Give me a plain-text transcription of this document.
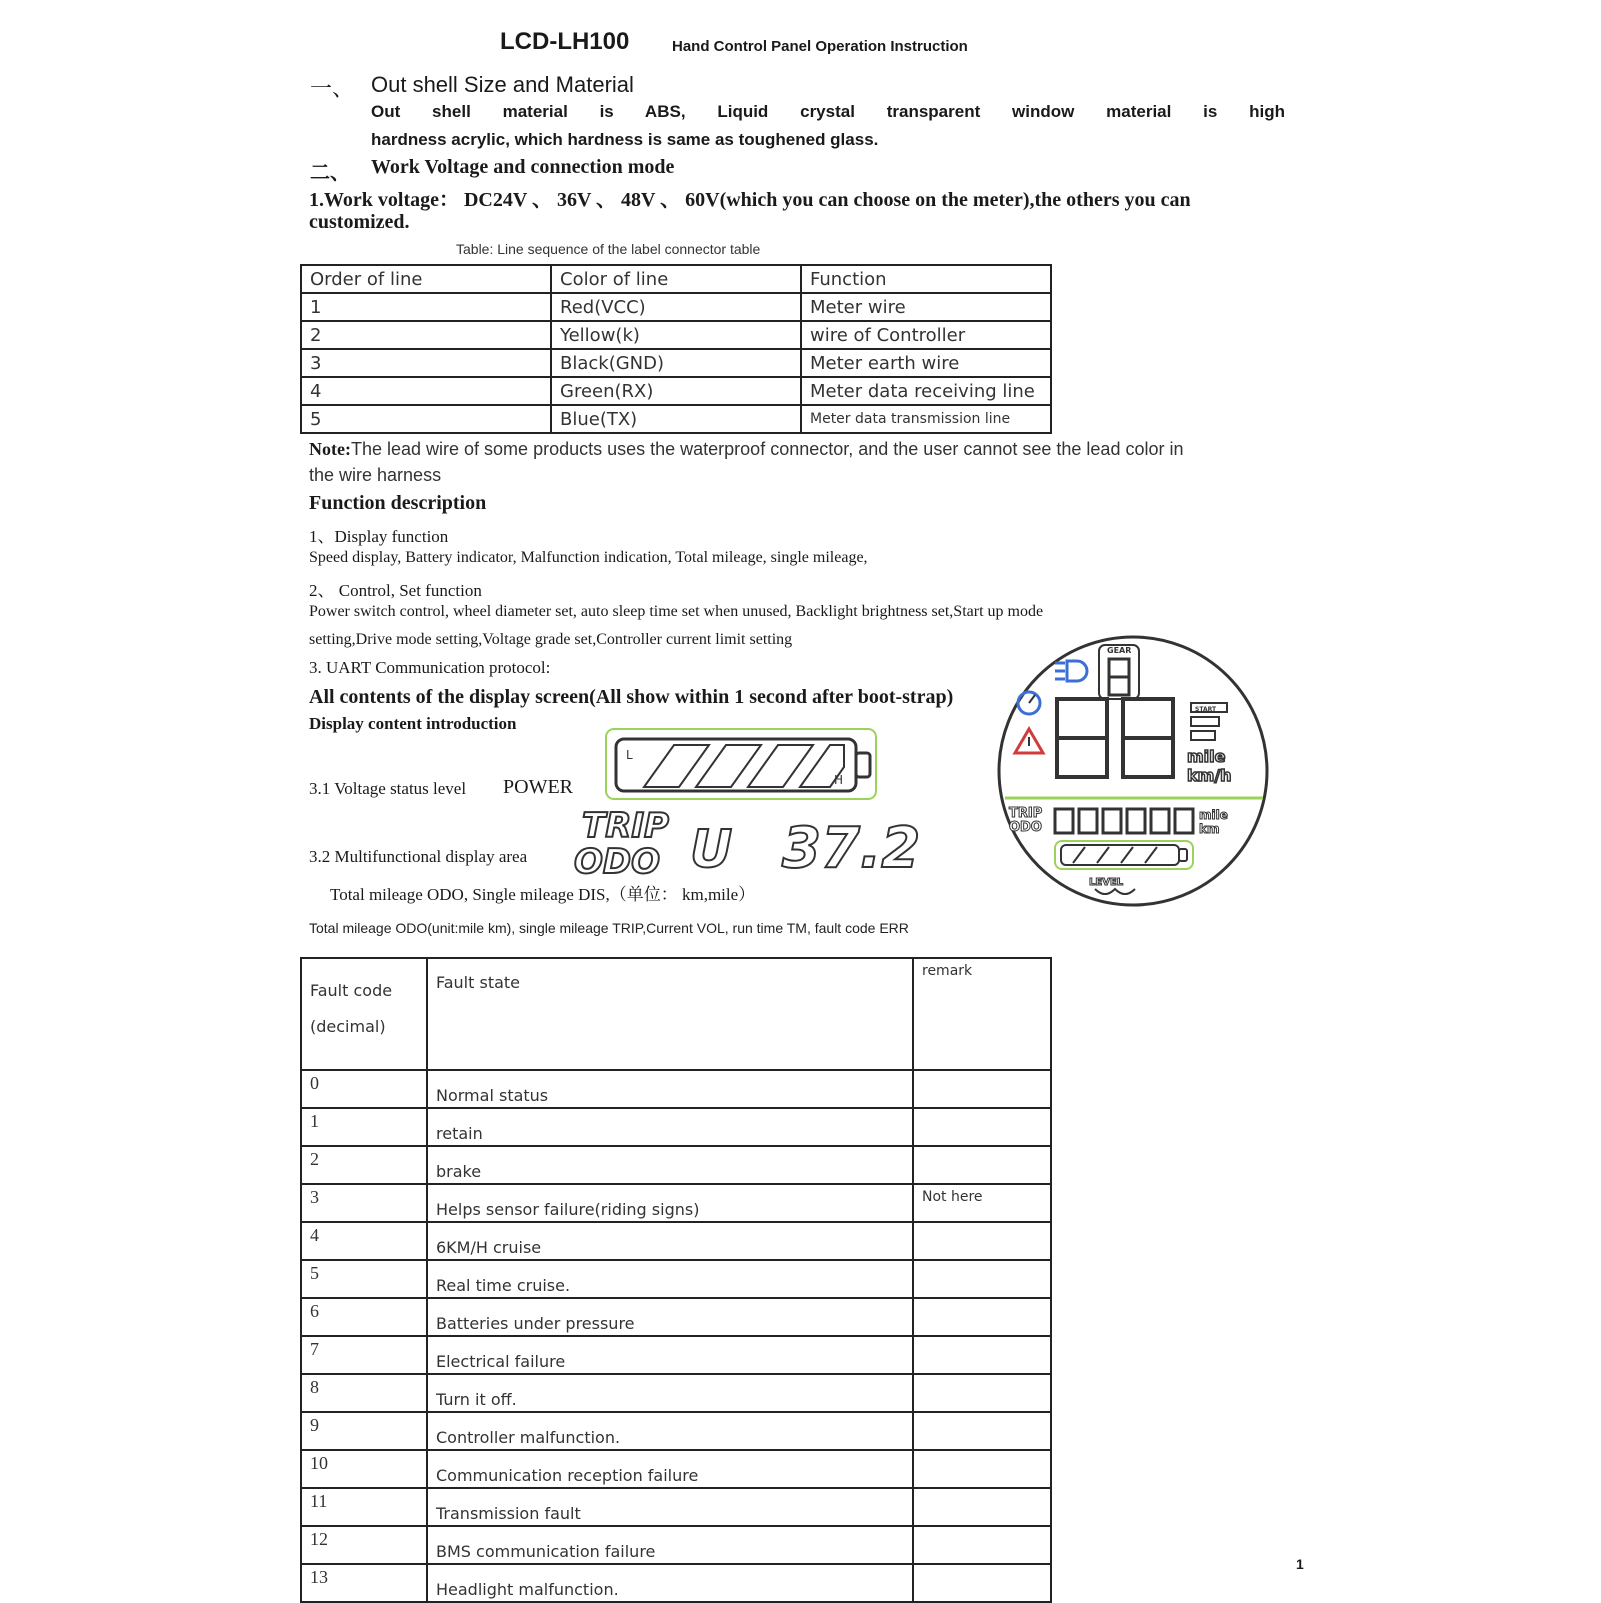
LCD-LH100	Hand Control Panel Operation Instruction
一、 Out shell Size and Material
Out shell material is ABS, Liquid crystal transparent window material is high
hardness acrylic, which hardness is same as toughened glass.
二、 Work Voltage and connection mode
1.Work voltage： DC24V 、 36V 、 48V 、 60V(which you can choose on the meter),the others you can
customized.
Table: Line sequence of the label connector table
Order of line	Color of line	Function
1	Red(VCC)	Meter wire
2	Yellow(k)	wire of Controller
3	Black(GND)	Meter earth wire
4	Green(RX)	Meter data receiving line
5	Blue(TX)	Meter data transmission line
Note:The lead wire of some products uses the waterproof connector, and the user cannot see the lead color in
the wire harness
Function description
1、Display function
Speed display, Battery indicator, Malfunction indication, Total mileage, single mileage,
2、 Control, Set function
Power switch control, wheel diameter set, auto sleep time set when unused, Backlight brightness set,Start up mode
setting,Drive mode setting,Voltage grade set,Controller current limit setting
3. UART Communication protocol:
All contents of the display screen(All show within 1 second after boot-strap)
Display content introduction
3.1 Voltage status level POWER
L
H
3.2 Multifunctional display area
TRIP
ODO U 37.2
Total mileage ODO, Single mileage DIS,（单位： km,mile）
Total mileage ODO(unit:mile km), single mileage TRIP,Current VOL, run time TM, fault code ERR
GEAR
START
mile
km/h
TRIP
ODO
mile
km
LEVEL
Fault code
(decimal)	Fault state	remark
0	Normal status	
1	retain	
2	brake	
3	Helps sensor failure(riding signs)	Not here
4	6KM/H cruise	
5	Real time cruise.	
6	Batteries under pressure	
7	Electrical failure	
8	Turn it off.	
9	Controller malfunction.	
10	Communication reception failure	
11	Transmission fault	
12	BMS communication failure	
13	Headlight malfunction.	
1
